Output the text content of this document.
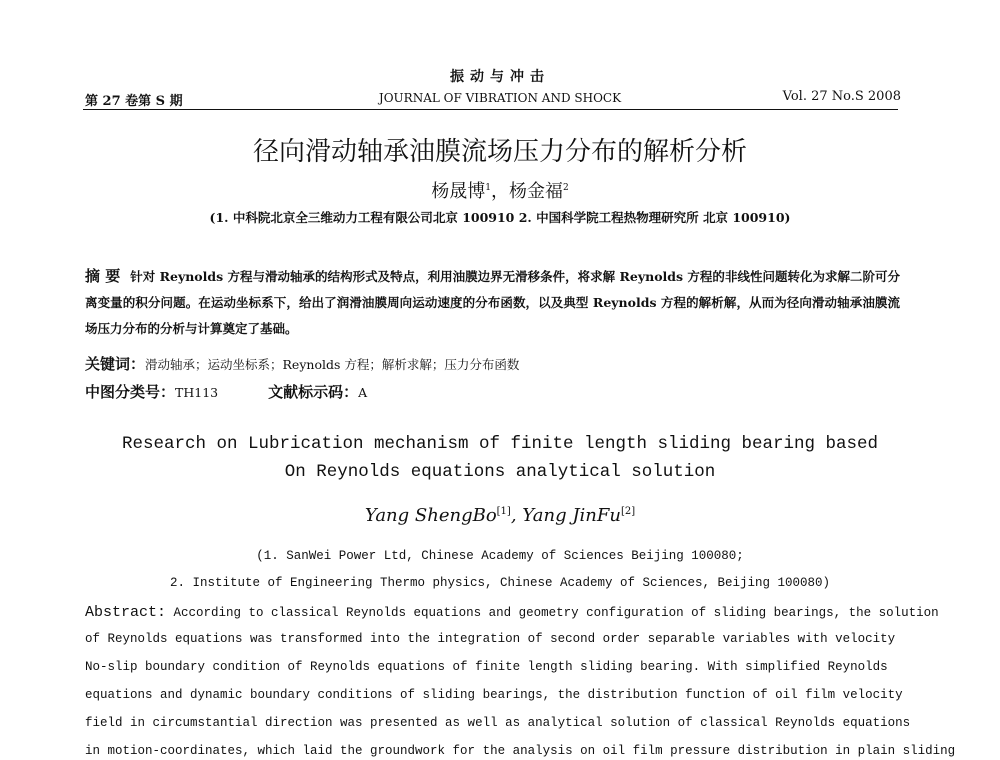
振动与冲击
第 27 卷第 S 期	JOURNAL OF VIBRATION AND SHOCK	Vol. 27 No.S 2008
径向滑动轴承油膜流场压力分布的解析分析
杨晟博$^1$，杨金福$^2$
(1. 中科院北京全三维动力工程有限公司北京 100910 2. 中国科学院工程热物理研究所 北京 100910)
摘 要 针对 Reynolds 方程与滑动轴承的结构形式及特点，利用油膜边界无滑移条件，将求解 Reynolds 方程的非线性问题转化为求解二阶可分离变量的积分问题。在运动坐标系下，给出了润滑油膜周向运动速度的分布函数，以及典型 Reynolds 方程的解析解，从而为径向滑动轴承油膜流场压力分布的分析与计算奠定了基础。
关键词：滑动轴承；运动坐标系；Reynolds 方程；解析求解；压力分布函数
中图分类号：TH113	文献标示码：A
Research on Lubrication mechanism of finite length sliding bearing based
On Reynolds equations analytical solution
Yang ShengBo[1], Yang JinFu[2]
(1. SanWei Power Ltd, Chinese Academy of Sciences Beijing 100080;
2. Institute of Engineering Thermo physics, Chinese Academy of Sciences, Beijing 100080)
Abstract: According to classical Reynolds equations and geometry configuration of sliding bearings, the solution
of Reynolds equations was transformed into the integration of second order separable variables with velocity
No-slip boundary condition of Reynolds equations of finite length sliding bearing. With simplified Reynolds
equations and dynamic boundary conditions of sliding bearings, the distribution function of oil film velocity
field in circumstantial direction was presented as well as analytical solution of classical Reynolds equations
in motion-coordinates, which laid the groundwork for the analysis on oil film pressure distribution in plain sliding
